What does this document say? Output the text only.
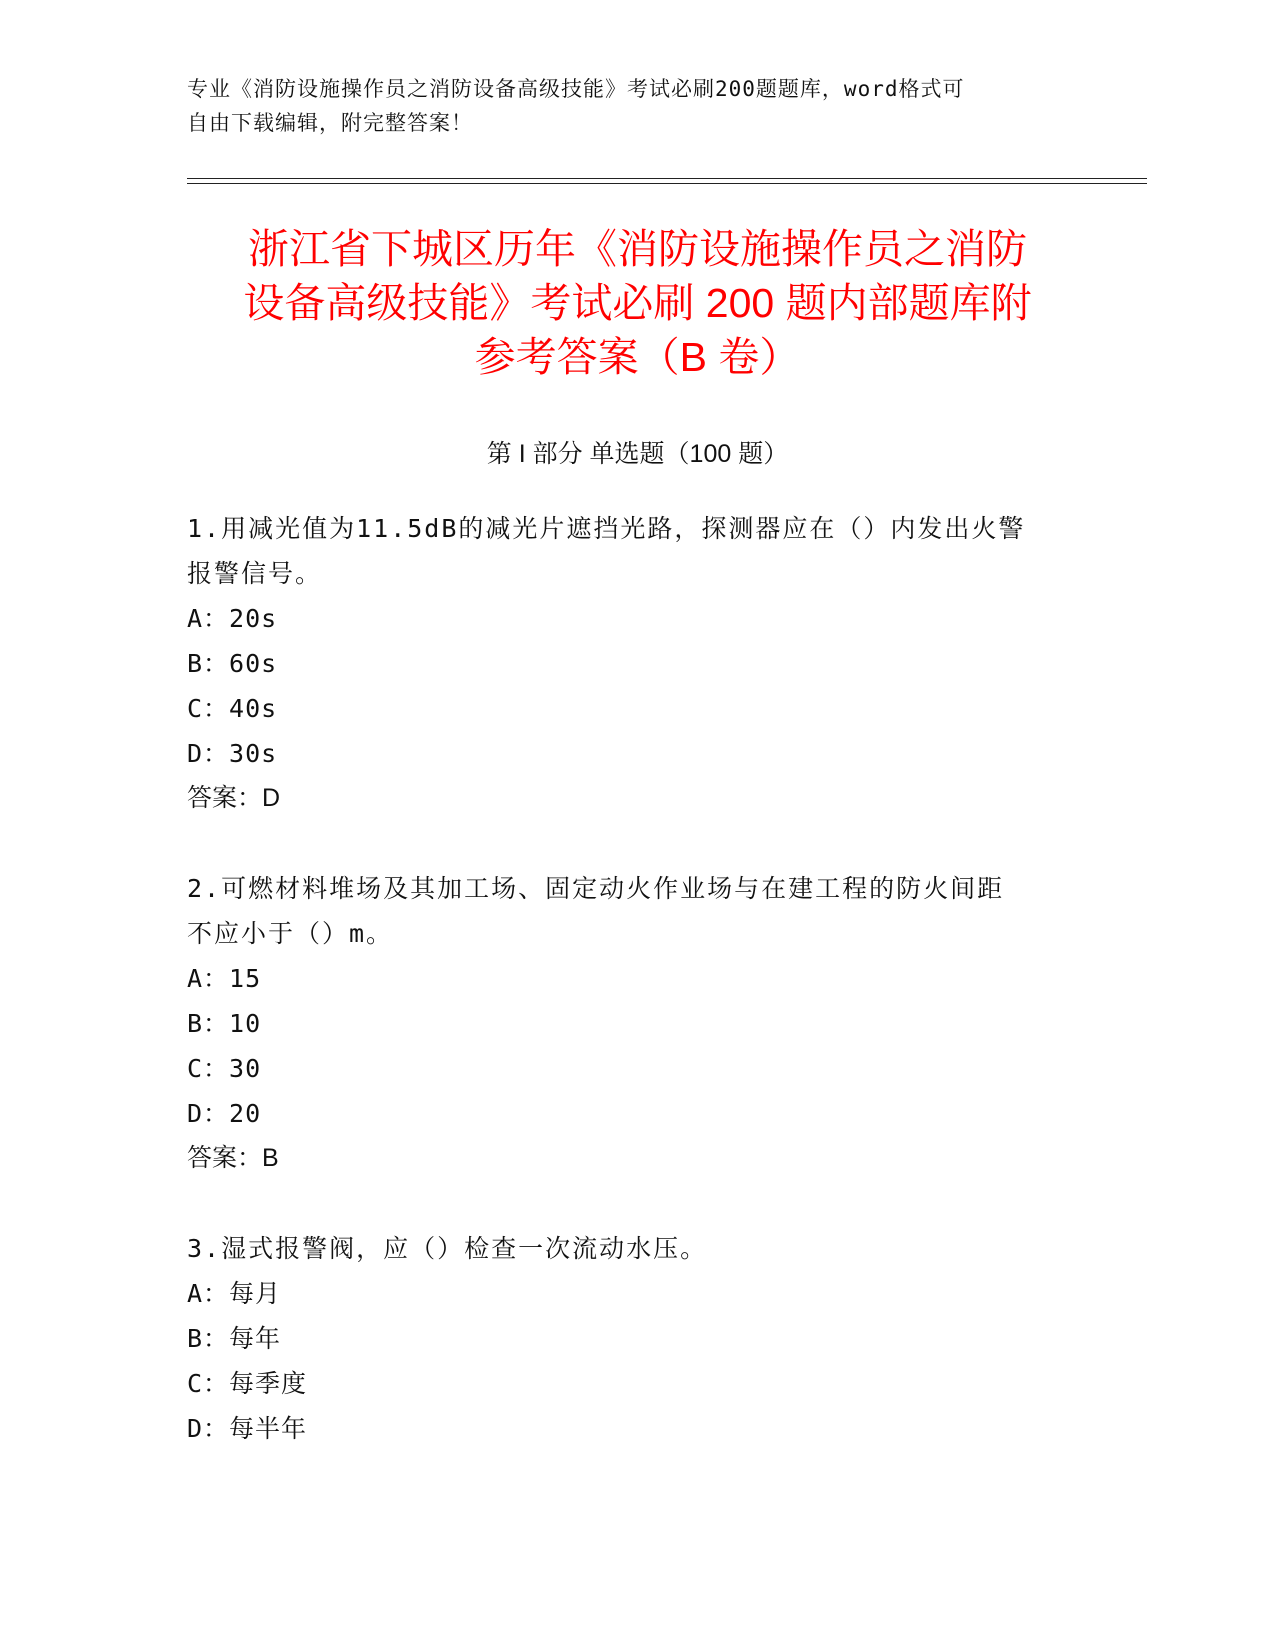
专业《消防设施操作员之消防设备高级技能》考试必刷200题题库，word格式可
自由下载编辑，附完整答案！
浙江省下城区历年《消防设施操作员之消防
设备高级技能》考试必刷 200 题内部题库附
参考答案（B 卷）
第 I 部分 单选题（100 题）
1.用减光值为11.5dB的减光片遮挡光路，探测器应在（）内发出火警
报警信号。
A：20s
B：60s
C：40s
D：30s
答案：D
2.可燃材料堆场及其加工场、固定动火作业场与在建工程的防火间距
不应小于（）m。
A：15
B：10
C：30
D：20
答案：B
3.湿式报警阀，应（）检查一次流动水压。
A：每月
B：每年
C：每季度
D：每半年
